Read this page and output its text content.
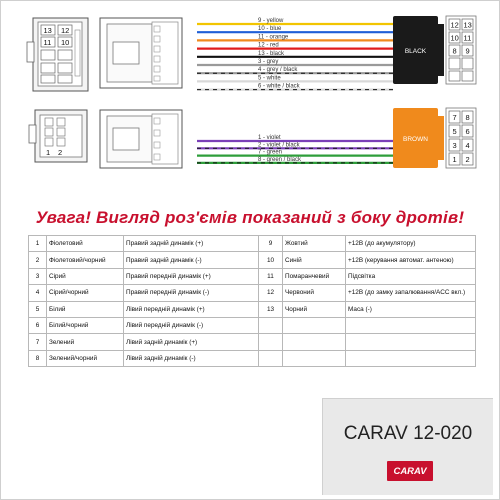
13 12
11 10
1 2
9 - yellow
10 - blue
11 - orange
12 - red
13 - black
3 - grey
4 - grey / black
5 - white
6 - white / black
1 - violet
2 - violet / black
7 - green
8 - green / black
BLACK
12 13
10 11
8 9
BROWN
7 8
5 6
3 4
1 2
Увага! Вигляд роз'ємів показаний з боку дротів!
1	Фіолетовий	Правий задній динамік (+)	9	Жовтий	+12В (до акумулятору)
2	Фіолетовий/чорний	Правий задній динамік (-)	10	Синій	+12В (керування автомат. антеною)
3	Сірий	Правий передній динамік (+)	11	Помаранчевий	Підсвітка
4	Сірий/чорний	Правий передній динамік (-)	12	Червоний	+12В (до замку запалювання/ACC вкл.)
5	Білий	Лівий передній динамік (+)	13	Чорний	Маса (-)
6	Білий/чорний	Лівий передній динамік (-)			
7	Зелений	Лівий задній динамік (+)			
8	Зелений/чорний	Лівий задній динамік (-)			
CARAV 12-020
CARAV
